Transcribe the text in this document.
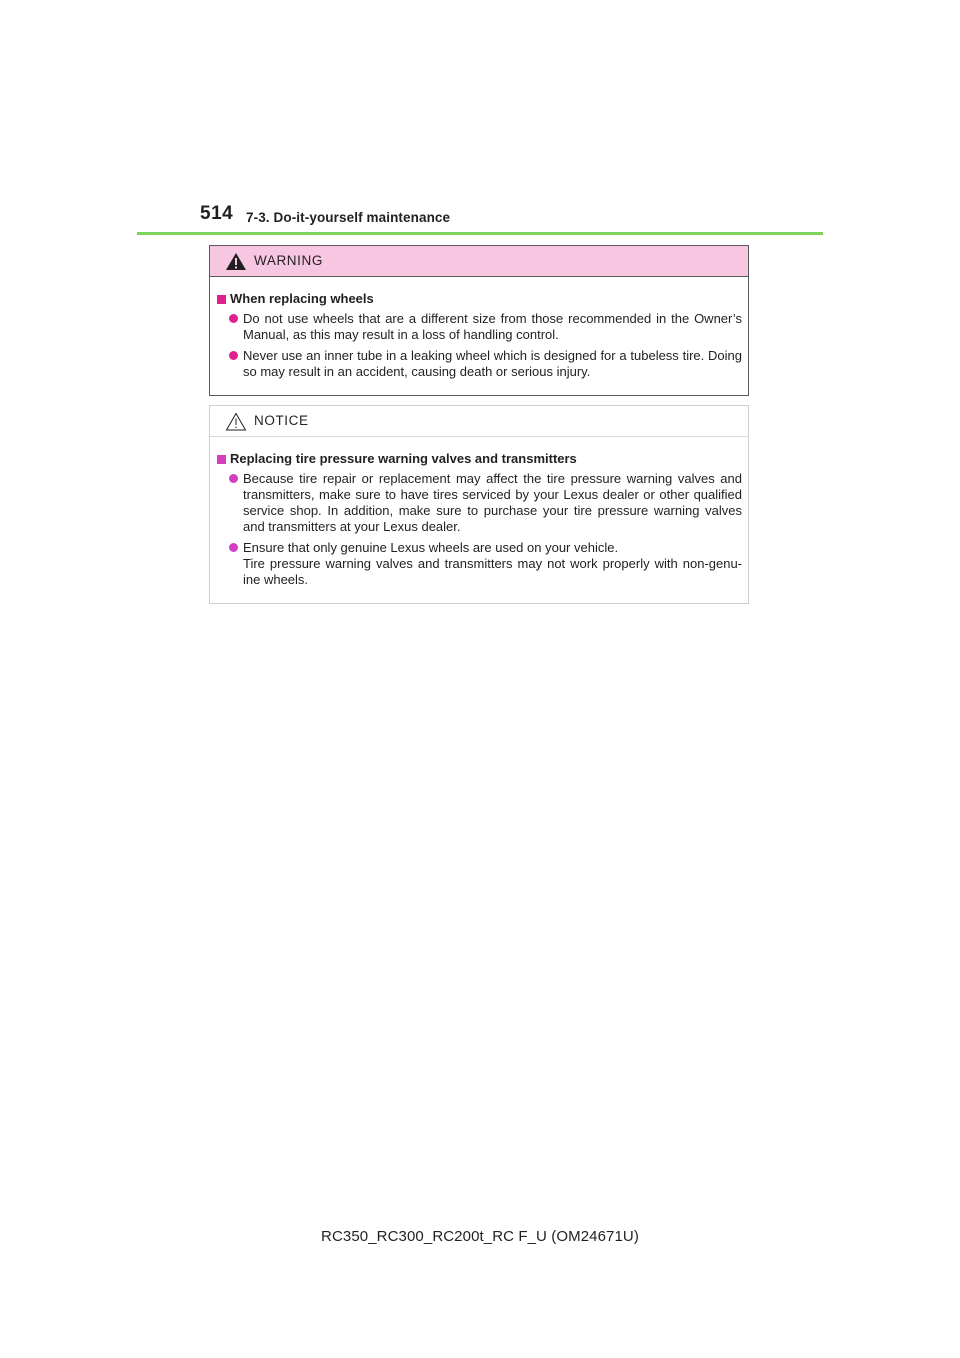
514 7-3. Do-it-yourself maintenance
WARNING
When replacing wheels
Do not use wheels that are a different size from those recommended in the Owner’s Manual, as this may result in a loss of handling control.
Never use an inner tube in a leaking wheel which is designed for a tubeless tire. Doing so may result in an accident, causing death or serious injury.
NOTICE
Replacing tire pressure warning valves and transmitters
Because tire repair or replacement may affect the tire pressure warning valves and transmitters, make sure to have tires serviced by your Lexus dealer or other qualified service shop. In addition, make sure to purchase your tire pressure warning valves and transmitters at your Lexus dealer.
Ensure that only genuine Lexus wheels are used on your vehicle.
Tire pressure warning valves and transmitters may not work properly with non-genu-ine wheels.
RC350_RC300_RC200t_RC F_U (OM24671U)
